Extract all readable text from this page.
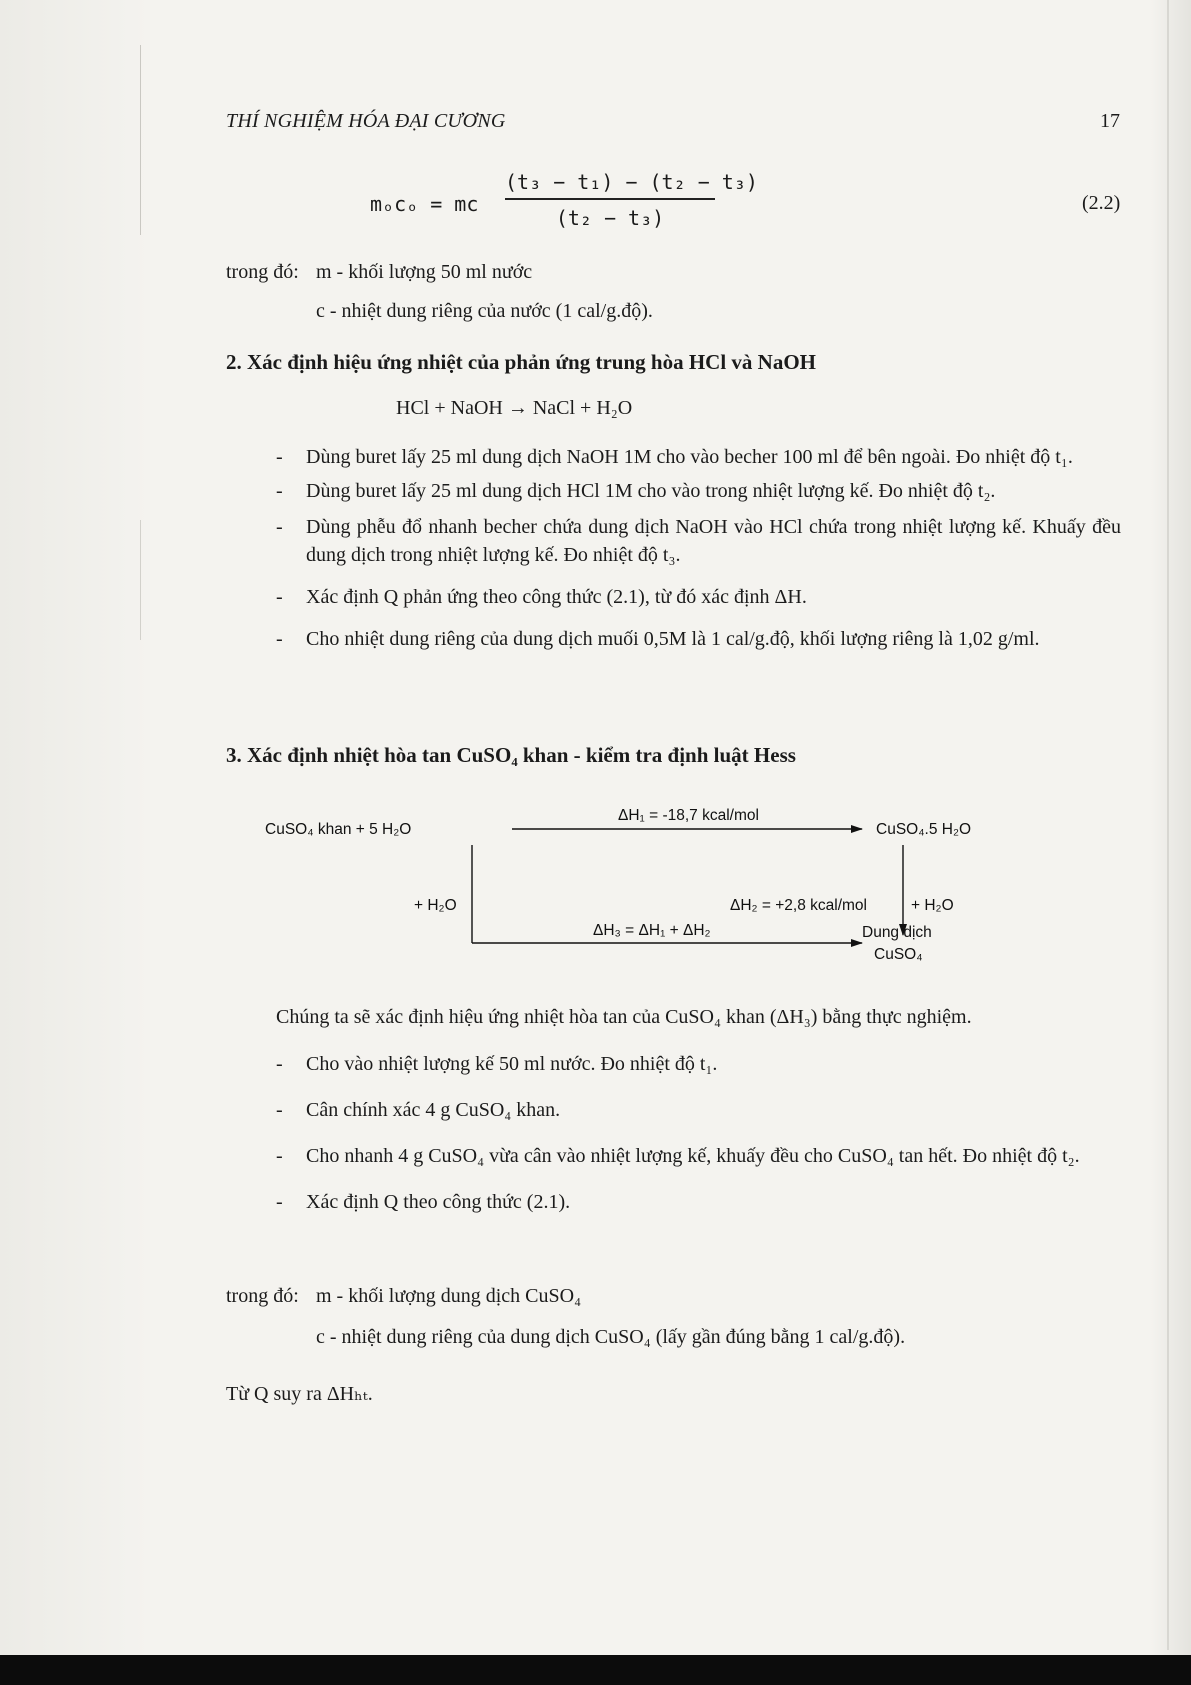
THÍ NGHIỆM HÓA ĐẠI CƯƠNG	17
mₒcₒ = mc
(t₃ − t₁) − (t₂ − t₃)
(t₂ − t₃)
(2.2)
trong đó: m - khối lượng 50 ml nước
c - nhiệt dung riêng của nước (1 cal/g.độ).
2. Xác định hiệu ứng nhiệt của phản ứng trung hòa HCl và NaOH
HCl + NaOH → NaCl + H₂O
- Dùng buret lấy 25 ml dung dịch NaOH 1M cho vào becher 100 ml để bên ngoài. Đo nhiệt độ t₁.
- Dùng buret lấy 25 ml dung dịch HCl 1M cho vào trong nhiệt lượng kế. Đo nhiệt độ t₂.
- Dùng phễu đổ nhanh becher chứa dung dịch NaOH vào HCl chứa trong nhiệt lượng kế. Khuấy đều dung dịch trong nhiệt lượng kế. Đo nhiệt độ t₃.
- Xác định Q phản ứng theo công thức (2.1), từ đó xác định ΔH.
- Cho nhiệt dung riêng của dung dịch muối 0,5M là 1 cal/g.độ, khối lượng riêng là 1,02 g/ml.
3. Xác định nhiệt hòa tan CuSO₄ khan - kiểm tra định luật Hess
CuSO₄ khan + 5 H₂O	CuSO₄.5 H₂O
ΔH₁ = -18,7 kcal/mol
+ H₂O	ΔH₂ = +2,8 kcal/mol	+ H₂O
ΔH₃ = ΔH₁ + ΔH₂	Dung dịch
CuSO₄
Chúng ta sẽ xác định hiệu ứng nhiệt hòa tan của CuSO₄ khan (ΔH₃) bằng thực nghiệm.
- Cho vào nhiệt lượng kế 50 ml nước. Đo nhiệt độ t₁.
- Cân chính xác 4 g CuSO₄ khan.
- Cho nhanh 4 g CuSO₄ vừa cân vào nhiệt lượng kế, khuấy đều cho CuSO₄ tan hết. Đo nhiệt độ t₂.
- Xác định Q theo công thức (2.1).
trong đó: m - khối lượng dung dịch CuSO₄
c - nhiệt dung riêng của dung dịch CuSO₄ (lấy gần đúng bằng 1 cal/g.độ).
Từ Q suy ra ΔHₕₜ.
